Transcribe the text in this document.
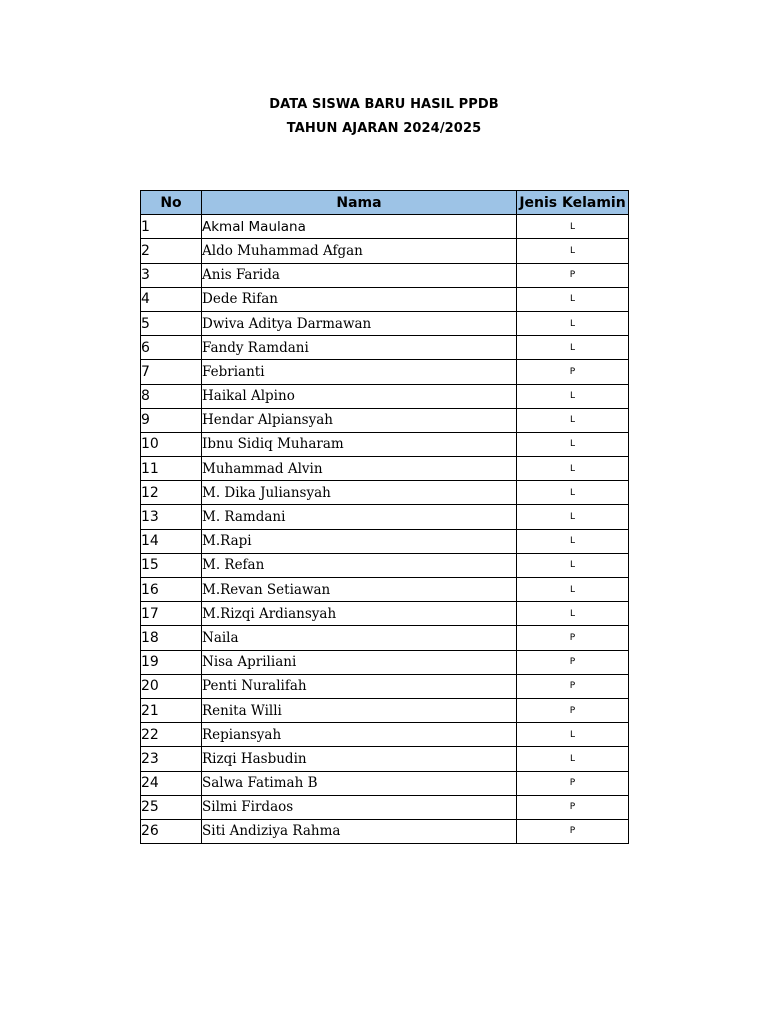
DATA SISWA BARU HASIL PPDB
TAHUN AJARAN 2024/2025
No	Nama	Jenis Kelamin
1	Akmal Maulana	L
2	Aldo Muhammad Afgan	L
3	Anis Farida	P
4	Dede Rifan	L
5	Dwiva Aditya Darmawan	L
6	Fandy Ramdani	L
7	Febrianti	P
8	Haikal Alpino	L
9	Hendar Alpiansyah	L
10	Ibnu Sidiq Muharam	L
11	Muhammad Alvin	L
12	M. Dika Juliansyah	L
13	M. Ramdani	L
14	M.Rapi	L
15	M. Refan	L
16	M.Revan Setiawan	L
17	M.Rizqi Ardiansyah	L
18	Naila	P
19	Nisa Apriliani	P
20	Penti Nuralifah	P
21	Renita Willi	P
22	Repiansyah	L
23	Rizqi Hasbudin	L
24	Salwa Fatimah B	P
25	Silmi Firdaos	P
26	Siti Andiziya Rahma	P
